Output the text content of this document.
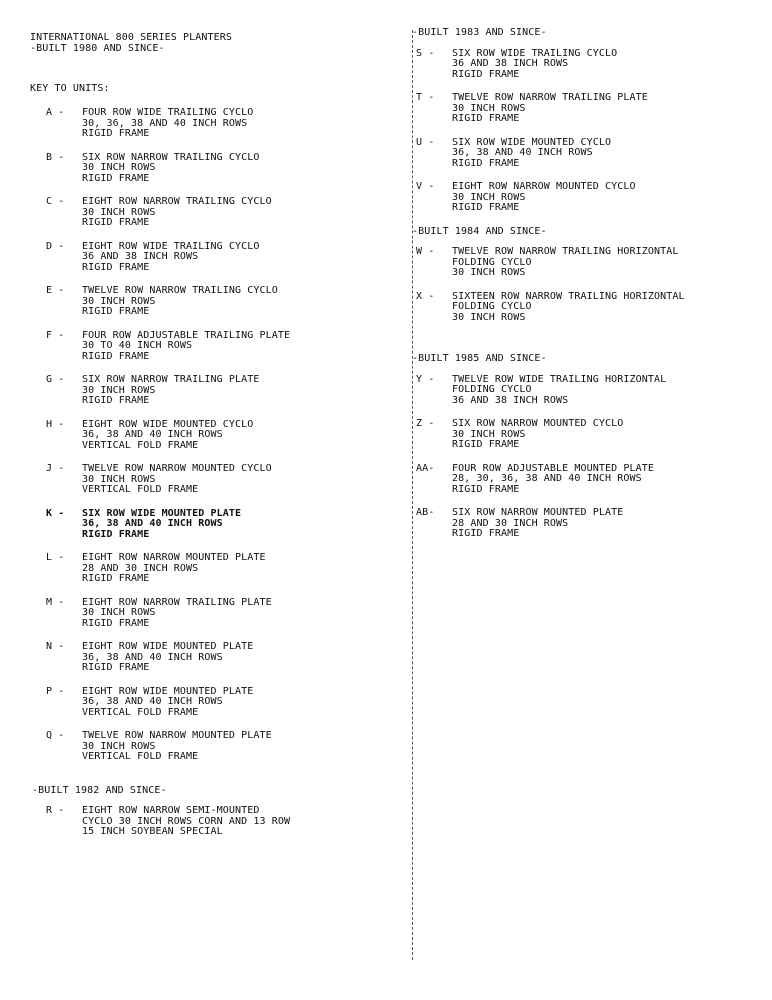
INTERNATIONAL 800 SERIES PLANTERS
-BUILT 1980 AND SINCE-
KEY TO UNITS:
A -	FOUR ROW WIDE TRAILING CYCLO
30, 36, 38 AND 40 INCH ROWS
RIGID FRAME
B -	SIX ROW NARROW TRAILING CYCLO
30 INCH ROWS
RIGID FRAME
C -	EIGHT ROW NARROW TRAILING CYCLO
30 INCH ROWS
RIGID FRAME
D -	EIGHT ROW WIDE TRAILING CYCLO
36 AND 38 INCH ROWS
RIGID FRAME
E -	TWELVE ROW NARROW TRAILING CYCLO
30 INCH ROWS
RIGID FRAME
F -	FOUR ROW ADJUSTABLE TRAILING PLATE
30 TO 40 INCH ROWS
RIGID FRAME
G -	SIX ROW NARROW TRAILING PLATE
30 INCH ROWS
RIGID FRAME
H -	EIGHT ROW WIDE MOUNTED CYCLO
36, 38 AND 40 INCH ROWS
VERTICAL FOLD FRAME
J -	TWELVE ROW NARROW MOUNTED CYCLO
30 INCH ROWS
VERTICAL FOLD FRAME
K -	SIX ROW WIDE MOUNTED PLATE
36, 38 AND 40 INCH ROWS
RIGID FRAME
L -	EIGHT ROW NARROW MOUNTED PLATE
28 AND 30 INCH ROWS
RIGID FRAME
M -	EIGHT ROW NARROW TRAILING PLATE
30 INCH ROWS
RIGID FRAME
N -	EIGHT ROW WIDE MOUNTED PLATE
36, 38 AND 40 INCH ROWS
RIGID FRAME
P -	EIGHT ROW WIDE MOUNTED PLATE
36, 38 AND 40 INCH ROWS
VERTICAL FOLD FRAME
Q -	TWELVE ROW NARROW MOUNTED PLATE
30 INCH ROWS
VERTICAL FOLD FRAME
-BUILT 1982 AND SINCE-
R -	EIGHT ROW NARROW SEMI-MOUNTED
CYCLO 30 INCH ROWS CORN AND 13 ROW
15 INCH SOYBEAN SPECIAL
-BUILT 1983 AND SINCE-
S -	SIX ROW WIDE TRAILING CYCLO
36 AND 38 INCH ROWS
RIGID FRAME
T -	TWELVE ROW NARROW TRAILING PLATE
30 INCH ROWS
RIGID FRAME
U -	SIX ROW WIDE MOUNTED CYCLO
36, 38 AND 40 INCH ROWS
RIGID FRAME
V -	EIGHT ROW NARROW MOUNTED CYCLO
30 INCH ROWS
RIGID FRAME
-BUILT 1984 AND SINCE-
W -	TWELVE ROW NARROW TRAILING HORIZONTAL
FOLDING CYCLO
30 INCH ROWS
X -	SIXTEEN ROW NARROW TRAILING HORIZONTAL
FOLDING CYCLO
30 INCH ROWS
-BUILT 1985 AND SINCE-
Y -	TWELVE ROW WIDE TRAILING HORIZONTAL
FOLDING CYCLO
36 AND 38 INCH ROWS
Z -	SIX ROW NARROW MOUNTED CYCLO
30 INCH ROWS
RIGID FRAME
AA-	FOUR ROW ADJUSTABLE MOUNTED PLATE
28, 30, 36, 38 AND 40 INCH ROWS
RIGID FRAME
AB-	SIX ROW NARROW MOUNTED PLATE
28 AND 30 INCH ROWS
RIGID FRAME
